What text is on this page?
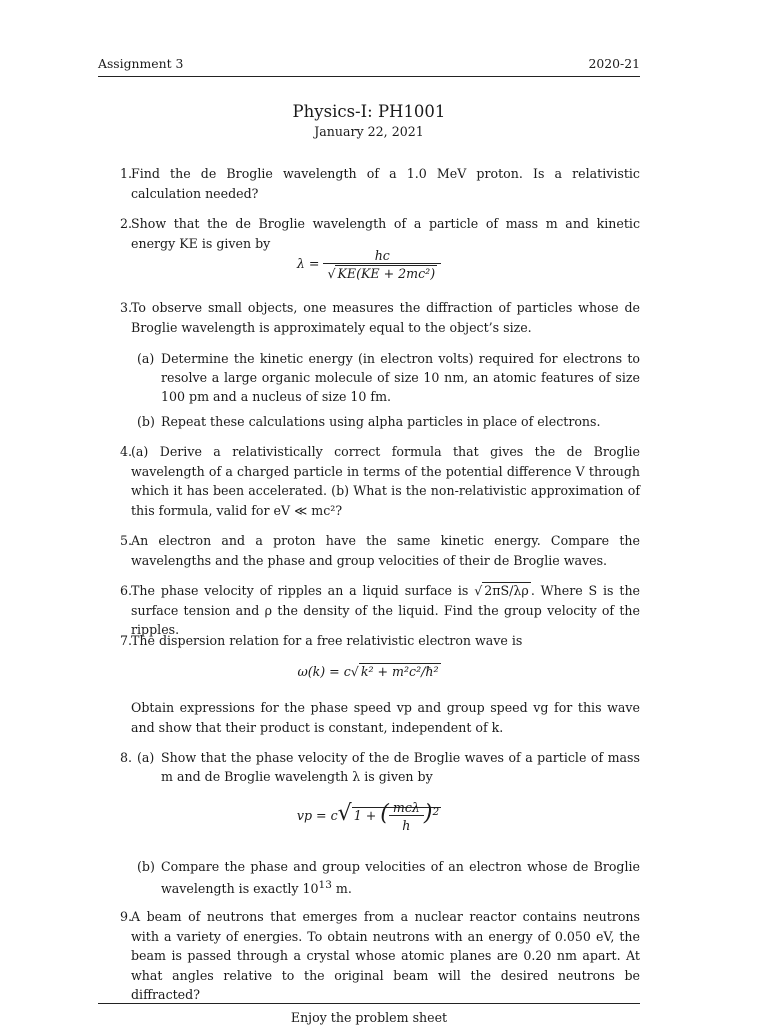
Assignment 3	2020-21
Physics-I: PH1001
January 22, 2021
1. Find the de Broglie wavelength of a 1.0 MeV proton. Is a relativistic calculation needed?
2. Show that the de Broglie wavelength of a particle of mass m and kinetic energy KE is given by
$\lambda = \frac{hc}{\text{√ KE(KE + 2mc²)}}$
3. To observe small objects, one measures the diffraction of particles whose de Broglie wavelength is approximately equal to the object’s size.
(a) Determine the kinetic energy (in electron volts) required for electrons to resolve a large organic molecule of size 10 nm, an atomic features of size 100 pm and a nucleus of size 10 fm.
(b) Repeat these calculations using alpha particles in place of electrons.
4. (a) Derive a relativistically correct formula that gives the de Broglie wavelength of a charged particle in terms of the potential difference V through which it has been accelerated. (b) What is the non-relativistic approximation of this formula, valid for eV ≪ mc²?
5. An electron and a proton have the same kinetic energy. Compare the wavelengths and the phase and group velocities of their de Broglie waves.
6. The phase velocity of ripples an a liquid surface is √ 2πS/λρ . Where S is the surface tension and ρ the density of the liquid. Find the group velocity of the ripples.
7. The dispersion relation for a free relativistic electron wave is
ω(k) = c√ k² + m²c²/ħ²
Obtain expressions for the phase speed vp and group speed vg for this wave and show that their product is constant, independent of k.
8. (a) Show that the phase velocity of the de Broglie waves of a particle of mass m and de Broglie wavelength λ is given by
vp = c√ 1 + ( $\frac{\text{mcλ}}{h} )^2$
(b) Compare the phase and group velocities of an electron whose de Broglie wavelength is exactly $10^{13}$ m.
9. A beam of neutrons that emerges from a nuclear reactor contains neutrons with a variety of energies. To obtain neutrons with an energy of 0.050 eV, the beam is passed through a crystal whose atomic planes are 0.20 nm apart. At what angles relative to the original beam will the desired neutrons be diffracted?
Enjoy the problem sheet
